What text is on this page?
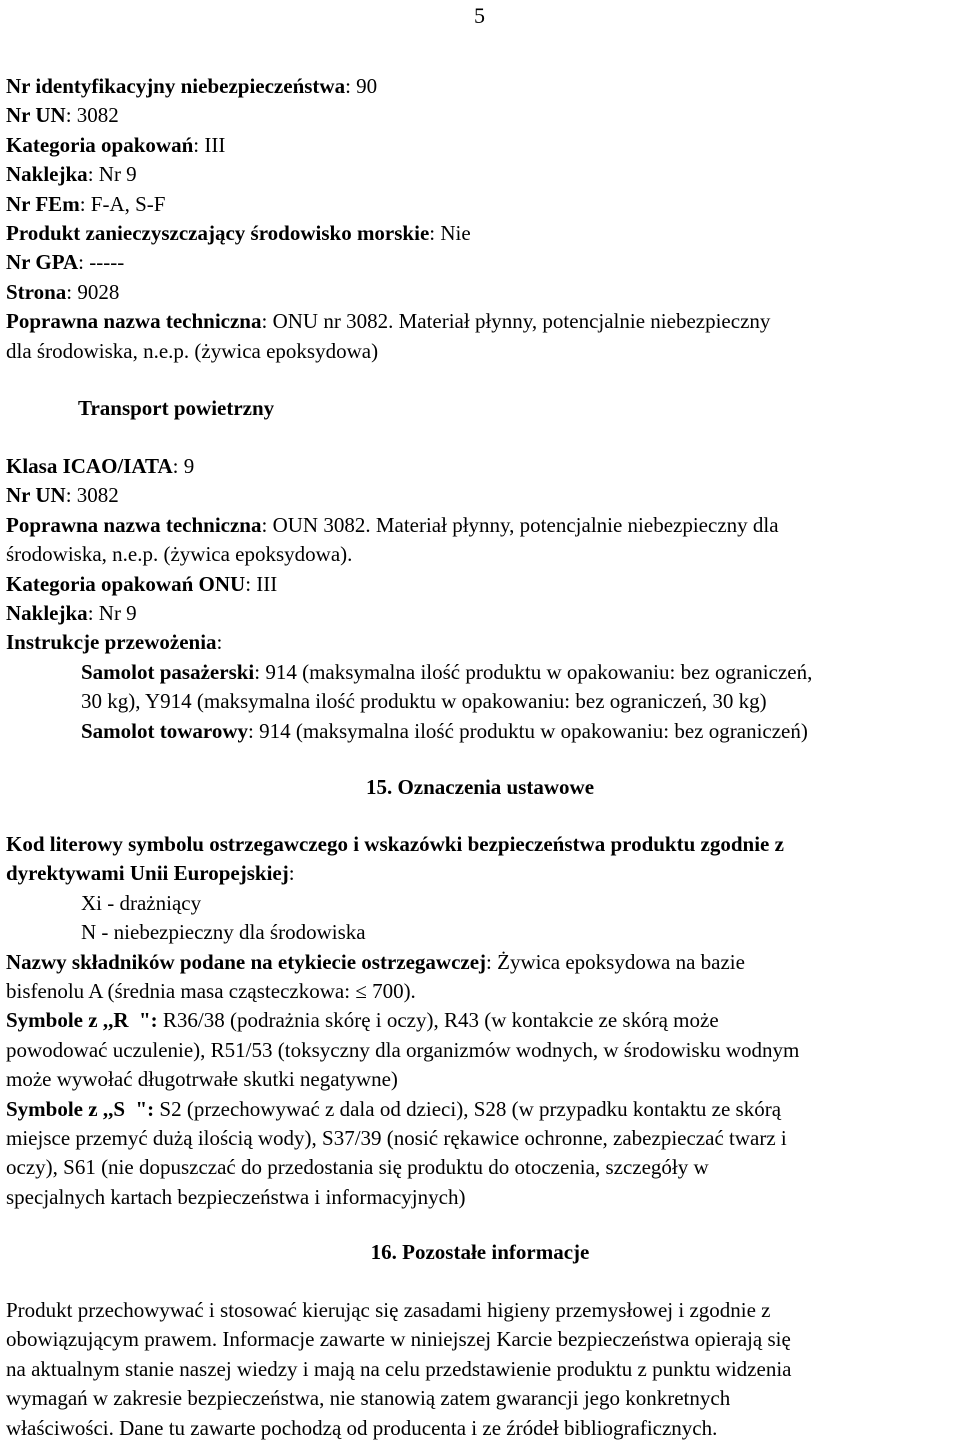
5
Nr identyfikacyjny niebezpieczeństwa: 90
Nr UN: 3082
Kategoria opakowań: III
Naklejka: Nr 9
Nr FEm: F-A, S-F
Produkt zanieczyszczający środowisko morskie: Nie
Nr GPA: -----
Strona: 9028
Poprawna nazwa techniczna: ONU nr 3082. Materiał płynny, potencjalnie niebezpieczny
dla środowiska, n.e.p. (żywica epoksydowa)
Transport powietrzny
Klasa ICAO/IATA: 9
Nr UN: 3082
Poprawna nazwa techniczna: OUN 3082. Materiał płynny, potencjalnie niebezpieczny dla
środowiska, n.e.p. (żywica epoksydowa).
Kategoria opakowań ONU: III
Naklejka: Nr 9
Instrukcje przewożenia:
Samolot pasażerski: 914 (maksymalna ilość produktu w opakowaniu: bez ograniczeń,
30 kg), Y914 (maksymalna ilość produktu w opakowaniu: bez ograniczeń, 30 kg)
Samolot towarowy: 914 (maksymalna ilość produktu w opakowaniu: bez ograniczeń)
15. Oznaczenia ustawowe
Kod literowy symbolu ostrzegawczego i wskazówki bezpieczeństwa produktu zgodnie z
dyrektywami Unii Europejskiej:
Xi - drażniący
N - niebezpieczny dla środowiska
Nazwy składników podane na etykiecie ostrzegawczej: Żywica epoksydowa na bazie
bisfenolu A (średnia masa cząsteczkowa: ≤ 700).
Symbole z ,,R  ": R36/38 (podrażnia skórę i oczy), R43 (w kontakcie ze skórą może
powodować uczulenie), R51/53 (toksyczny dla organizmów wodnych, w środowisku wodnym
może wywołać długotrwałe skutki negatywne)
Symbole z ,,S  ": S2 (przechowywać z dala od dzieci), S28 (w przypadku kontaktu ze skórą
miejsce przemyć dużą ilością wody), S37/39 (nosić rękawice ochronne, zabezpieczać twarz i
oczy), S61 (nie dopuszczać do przedostania się produktu do otoczenia, szczegóły w
specjalnych kartach bezpieczeństwa i informacyjnych)
16. Pozostałe informacje
Produkt przechowywać i stosować kierując się zasadami higieny przemysłowej i zgodnie z
obowiązującym prawem. Informacje zawarte w niniejszej Karcie bezpieczeństwa opierają się
na aktualnym stanie naszej wiedzy i mają na celu przedstawienie produktu z punktu widzenia
wymagań w zakresie bezpieczeństwa, nie stanowią zatem gwarancji jego konkretnych
właściwości. Dane tu zawarte pochodzą od producenta i ze źródeł bibliograficznych.
